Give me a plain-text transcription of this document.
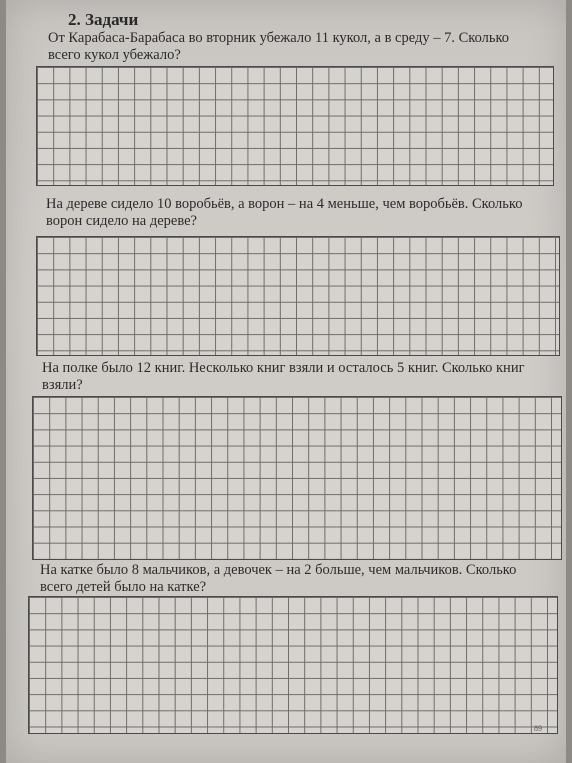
2. Задачи

От Карабаса-Барабаса во вторник убежало 11 кукол, а в среду – 7. Сколько всего кукол убежало?

На дереве сидело 10 воробьёв, а ворон – на 4 меньше, чем воробьёв. Сколько ворон сидело на дереве?

На полке было 12 книг. Несколько книг взяли и осталось 5 книг. Сколько книг взяли?

На катке было 8 мальчиков, а девочек – на 2 больше, чем мальчиков. Сколько всего детей было на катке?

89
